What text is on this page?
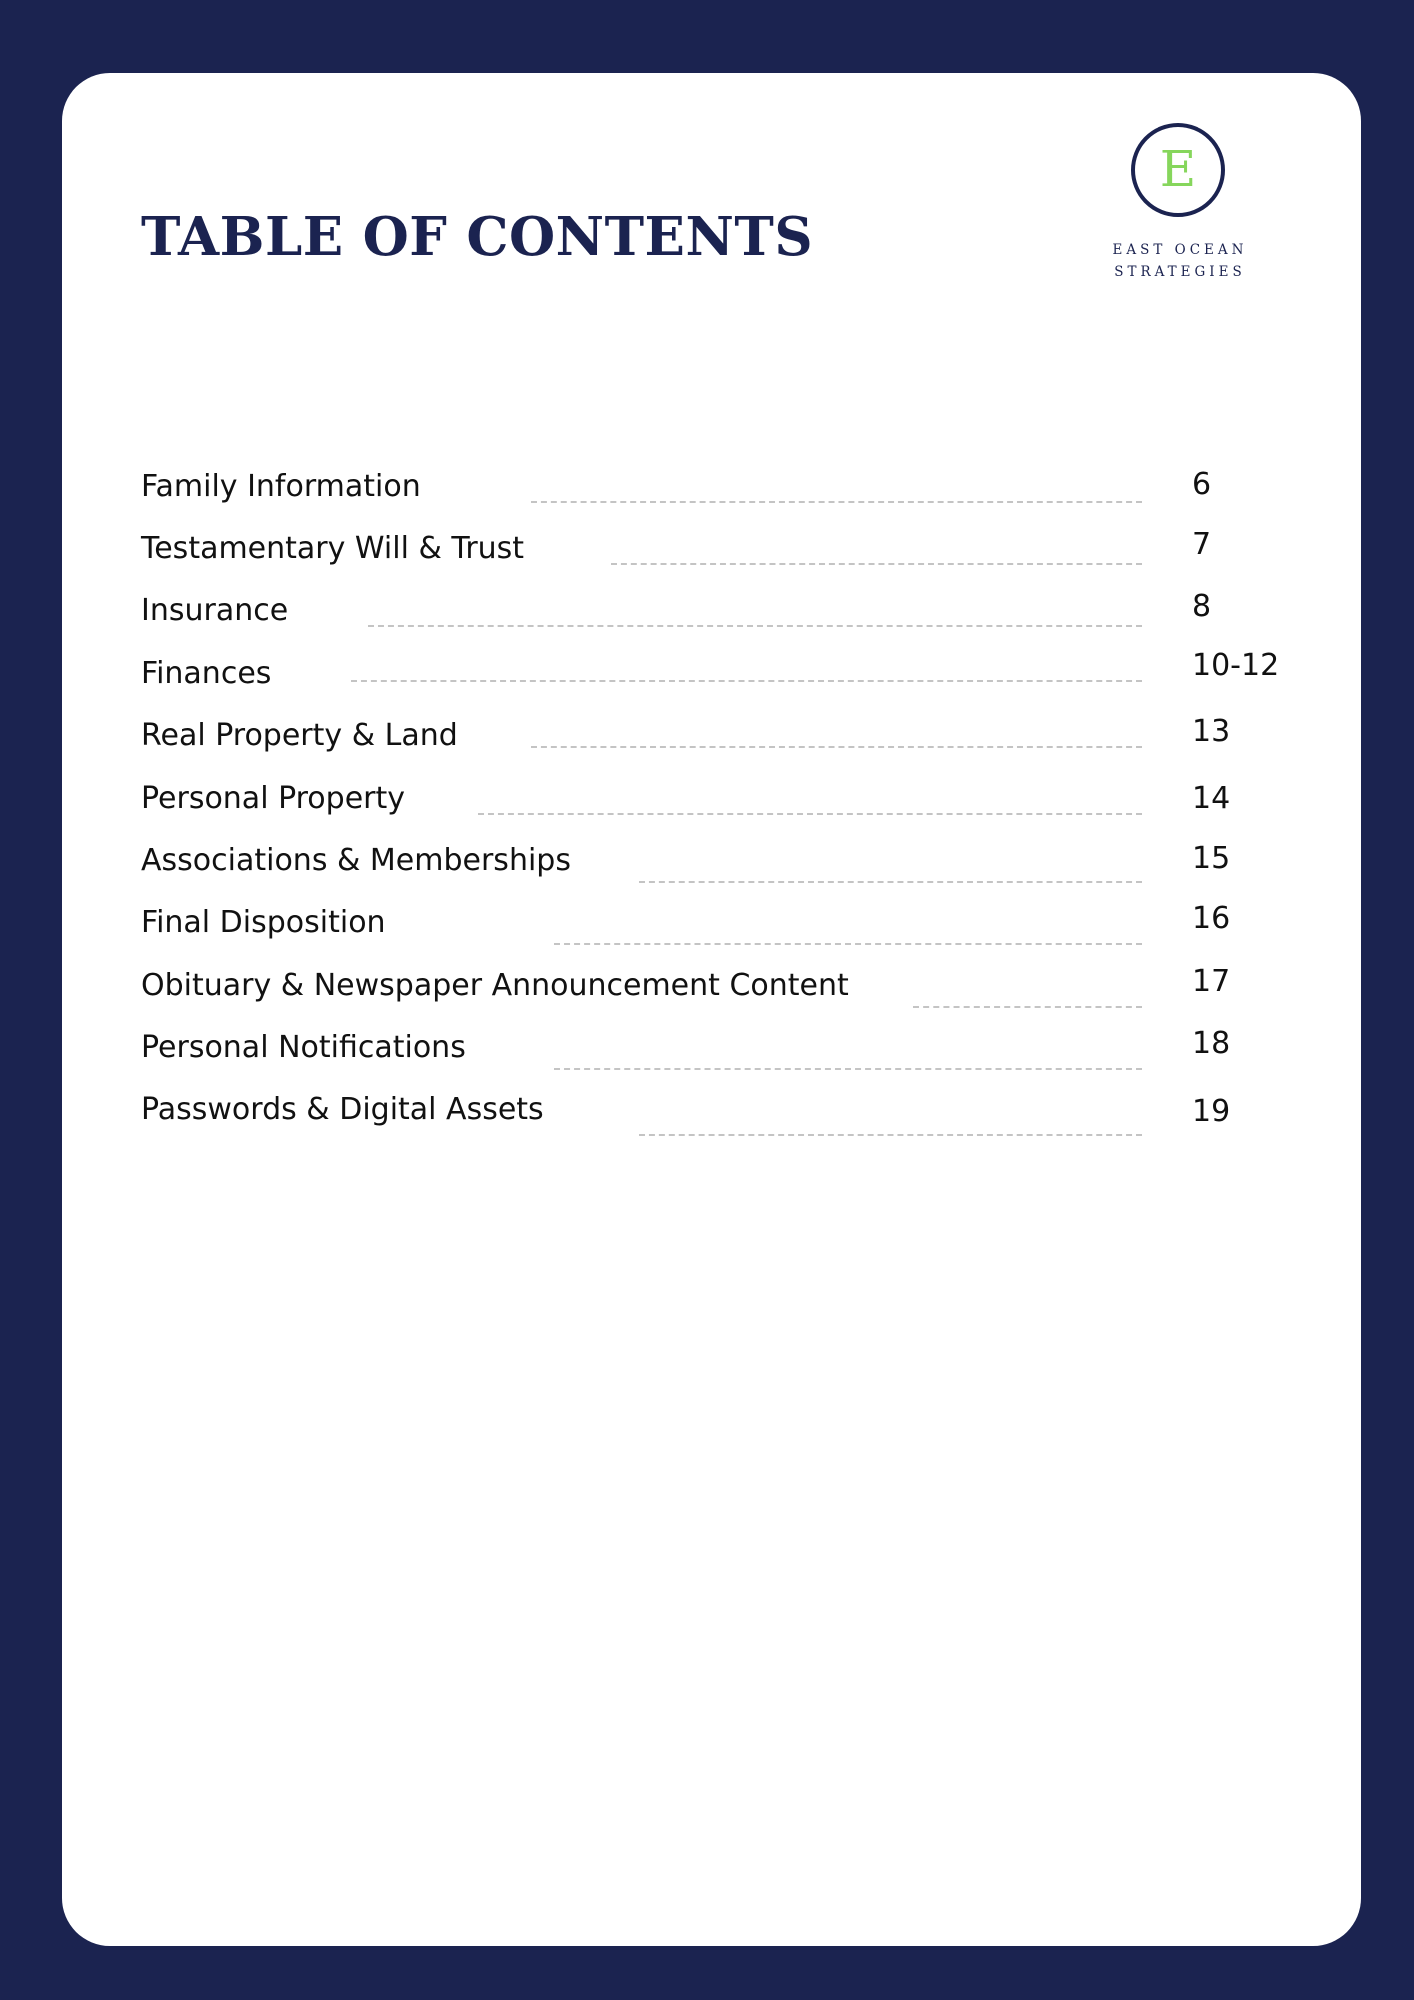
TABLE OF CONTENTS
E
EAST OCEAN
STRATEGIES
Family Information	6
Testamentary Will & Trust	7
Insurance	8
Finances	10-12
Real Property & Land	13
Personal Property	14
Associations & Memberships	15
Final Disposition	16
Obituary & Newspaper Announcement Content	17
Personal Notifications	18
Passwords & Digital Assets	19
